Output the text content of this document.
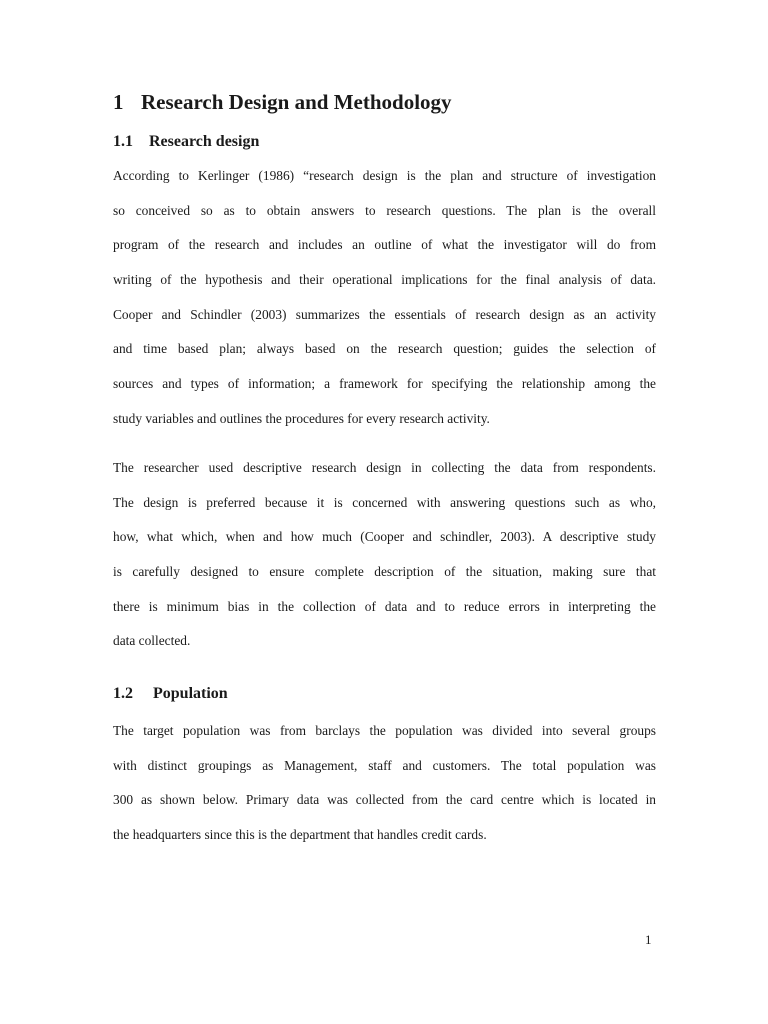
1 Research Design and Methodology
1.1 Research design
According to Kerlinger (1986) “research design is the plan and structure of investigation
so conceived so as to obtain answers to research questions. The plan is the overall
program of the research and includes an outline of what the investigator will do from
writing of the hypothesis and their operational implications for the final analysis of data.
Cooper and Schindler (2003) summarizes the essentials of research design as an activity
and time based plan; always based on the research question; guides the selection of
sources and types of information; a framework for specifying the relationship among the
study variables and outlines the procedures for every research activity.
The researcher used descriptive research design in collecting the data from respondents.
The design is preferred because it is concerned with answering questions such as who,
how, what which, when and how much (Cooper and schindler, 2003). A descriptive study
is carefully designed to ensure complete description of the situation, making sure that
there is minimum bias in the collection of data and to reduce errors in interpreting the
data collected.
1.2 Population
The target population was from barclays the population was divided into several groups
with distinct groupings as Management, staff and customers. The total population was
300 as shown below. Primary data was collected from the card centre which is located in
the headquarters since this is the department that handles credit cards.
1
